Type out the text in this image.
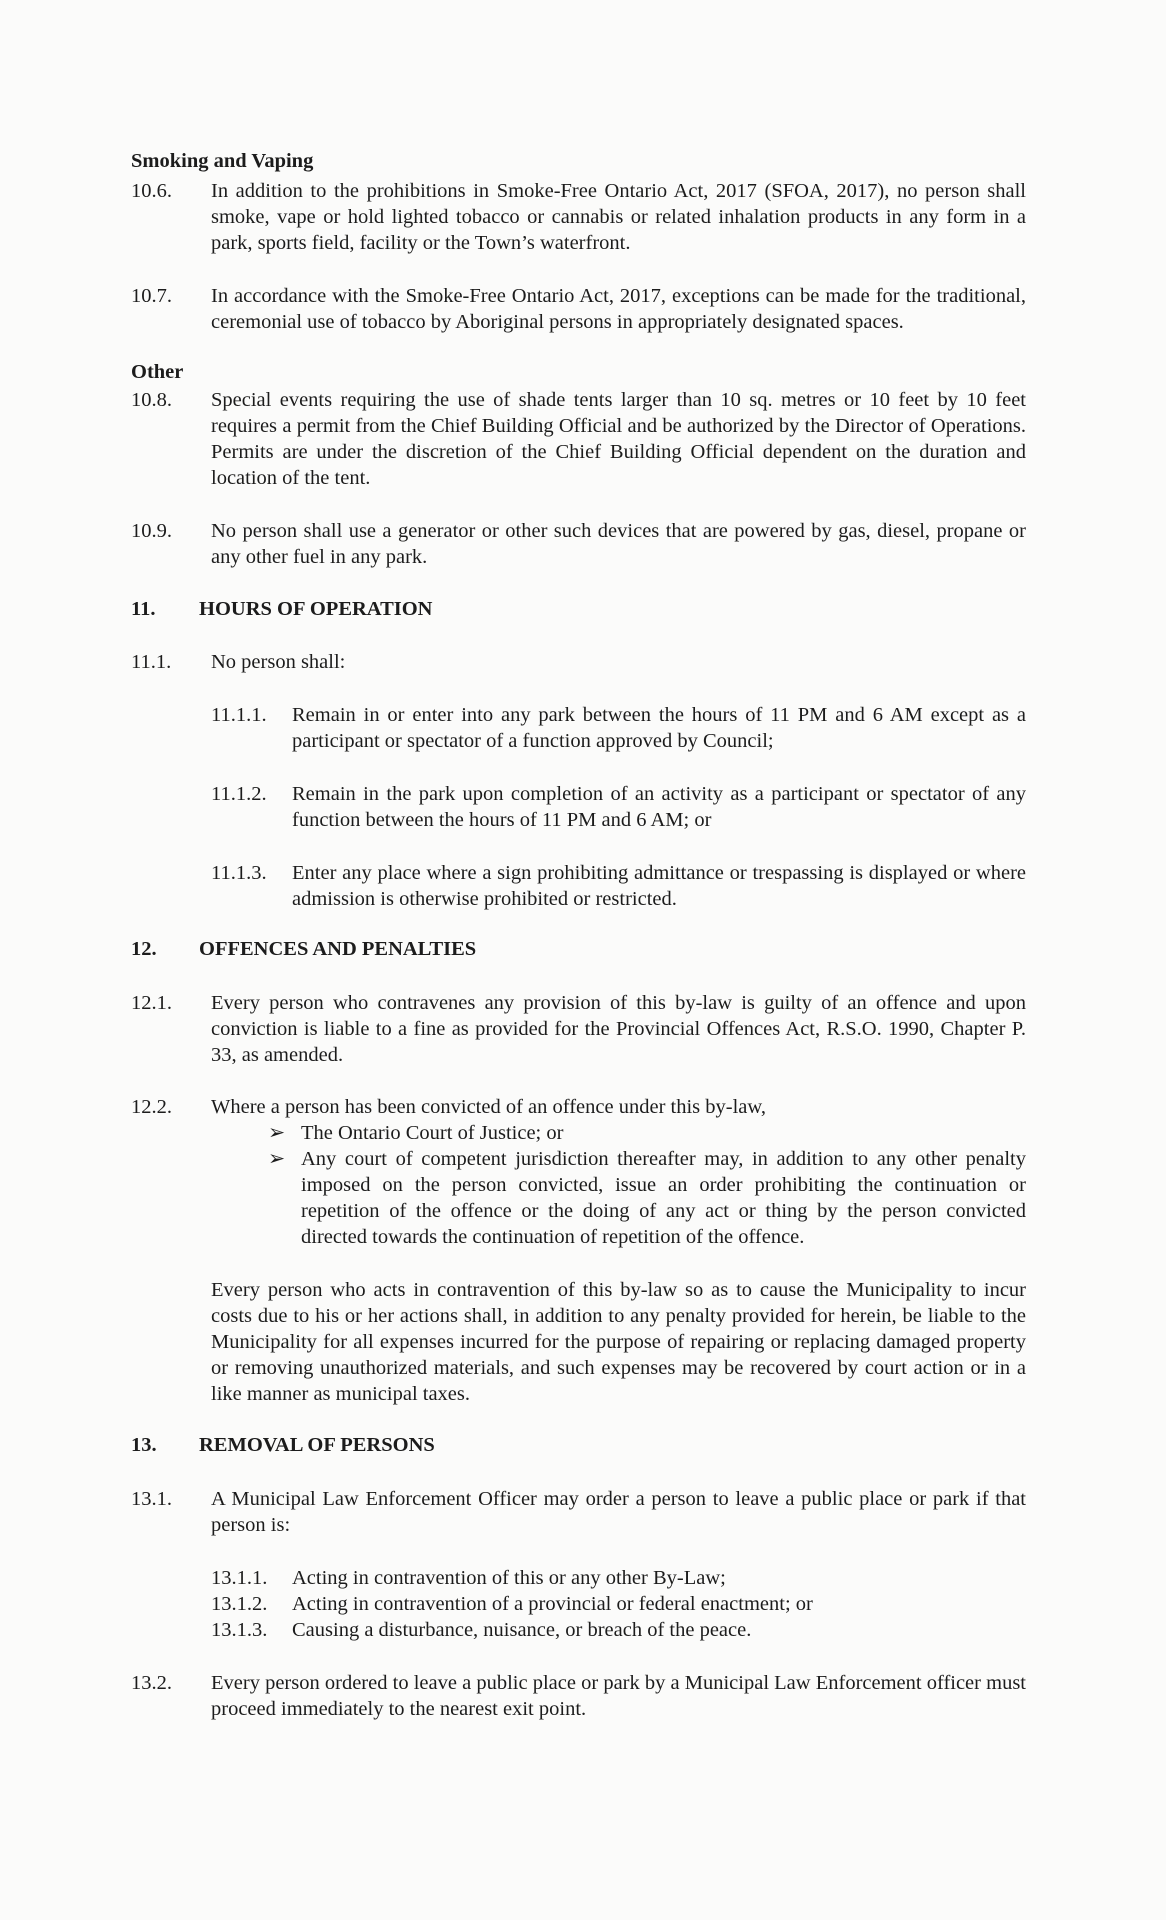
Smoking and Vaping
10.6. In addition to the prohibitions in Smoke-Free Ontario Act, 2017 (SFOA, 2017), no person shall smoke, vape or hold lighted tobacco or cannabis or related inhalation products in any form in a park, sports field, facility or the Town’s waterfront.

10.7. In accordance with the Smoke-Free Ontario Act, 2017, exceptions can be made for the traditional, ceremonial use of tobacco by Aboriginal persons in appropriately designated spaces.

Other
10.8. Special events requiring the use of shade tents larger than 10 sq. metres or 10 feet by 10 feet requires a permit from the Chief Building Official and be authorized by the Director of Operations. Permits are under the discretion of the Chief Building Official dependent on the duration and location of the tent.

10.9. No person shall use a generator or other such devices that are powered by gas, diesel, propane or any other fuel in any park.

11. HOURS OF OPERATION
11.1. No person shall:

11.1.1. Remain in or enter into any park between the hours of 11 PM and 6 AM except as a participant or spectator of a function approved by Council;

11.1.2. Remain in the park upon completion of an activity as a participant or spectator of any function between the hours of 11 PM and 6 AM; or

11.1.3. Enter any place where a sign prohibiting admittance or trespassing is displayed or where admission is otherwise prohibited or restricted.

12. OFFENCES AND PENALTIES
12.1. Every person who contravenes any provision of this by-law is guilty of an offence and upon conviction is liable to a fine as provided for the Provincial Offences Act, R.S.O. 1990, Chapter P. 33, as amended.

12.2. Where a person has been convicted of an offence under this by-law,

➢ The Ontario Court of Justice; or

➢ Any court of competent jurisdiction thereafter may, in addition to any other penalty imposed on the person convicted, issue an order prohibiting the continuation or repetition of the offence or the doing of any act or thing by the person convicted directed towards the continuation of repetition of the offence.

Every person who acts in contravention of this by-law so as to cause the Municipality to incur costs due to his or her actions shall, in addition to any penalty provided for herein, be liable to the Municipality for all expenses incurred for the purpose of repairing or replacing damaged property or removing unauthorized materials, and such expenses may be recovered by court action or in a like manner as municipal taxes.

13. REMOVAL OF PERSONS
13.1. A Municipal Law Enforcement Officer may order a person to leave a public place or park if that person is:

13.1.1. Acting in contravention of this or any other By-Law;

13.1.2. Acting in contravention of a provincial or federal enactment; or

13.1.3. Causing a disturbance, nuisance, or breach of the peace.

13.2. Every person ordered to leave a public place or park by a Municipal Law Enforcement officer must proceed immediately to the nearest exit point.
